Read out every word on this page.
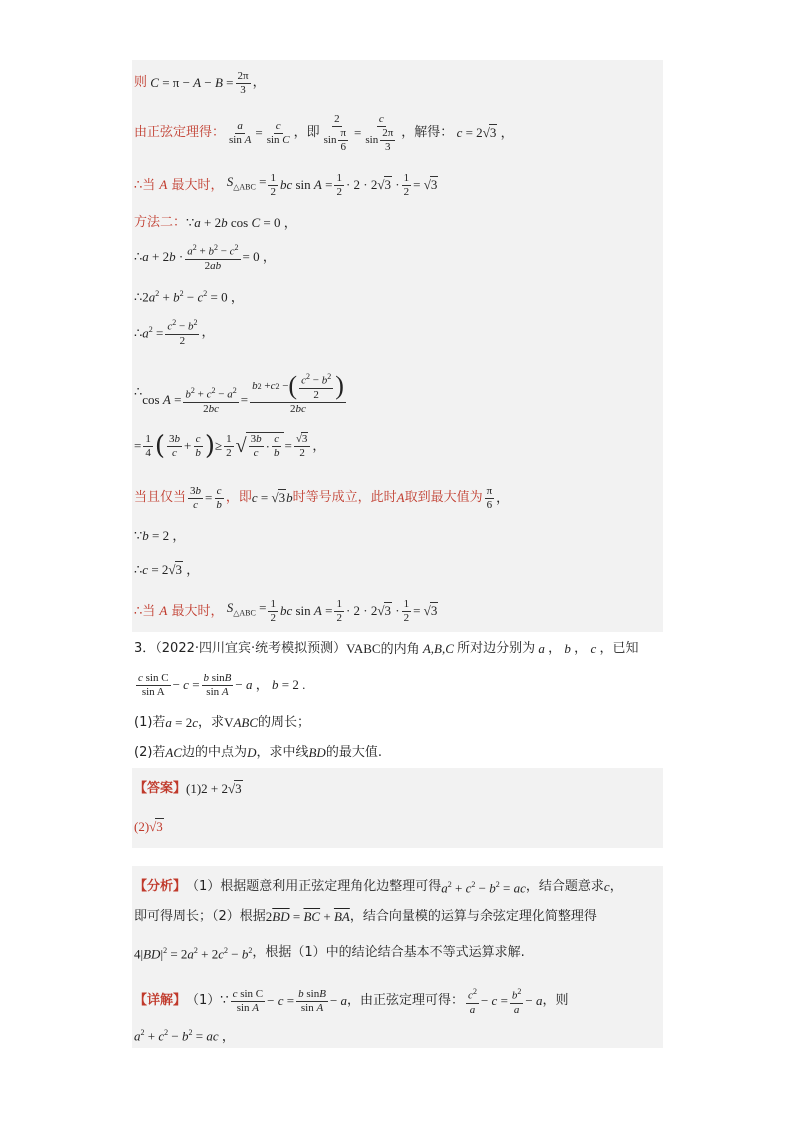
则 $C = \pi - A - B = \frac{2\pi}{3}$ ，
由正弦定理得： $\frac{a}{\text{sin A}} = \frac{c}{\text{sin C}}$ ，即 $\frac{2}{\sin \frac{\pi}{6}} = \frac{c}{\sin \frac{2\pi}{3}}$ ，解得： c = 2√3 ，
∴当 A 最大时， $S_{\triangle ABC} = \frac{1}{2}$ bc $\sin A = \frac{1}{2} \cdot 2 \cdot 2√3 \cdot \frac{1}{2} = √3$
方法二： ∵a + 2b cos C = 0 ，
∴a + $2b \cdot \frac{a^2 + b^2 - c^2}{2ab} = 0$ ，
$\therefore 2a^2 + b^2 - c^2 = 0$ ，
$\therefore a^2 = \frac{c^2 - b^2}{2}$ ，
∴
$\cos A = \frac{b^2 + c^2 - a^2}{2bc} = \frac{b 2 + c 2 - ( \frac{c^2 - b^2}{2} )}{2bc}$
= $\frac{1}{4}$ ( $\frac{3b}{c} + \frac{c}{b}$ ) ≥ $\frac{1}{2}$ √ $\frac{3b}{c} \cdot \frac{c}{b} = \frac{√3}{2}$ ，
当且仅当 $\frac{3b}{c} = \frac{c}{b}$ ，即 c = √3b 时等号成立，此时 A 取到最大值为 $\frac{\pi}{6}$ ，
∵b = 2 ，
∴c = 2√3 ，
∴当 A 最大时， $S_{\triangle ABC} = \frac{1}{2}$ bc $\sin A = \frac{1}{2} \cdot 2 \cdot 2√3 \cdot \frac{1}{2} = √3$
3．（2022·四川宜宾·统考模拟预测） VABC的内角 A,B,C 所对边分别为 a ， b ， c ，已知
$\frac{\text{c sin C}}{\text{sin A}} - c = \frac{\text{b sinB}}{\text{sin A}} - a$ ， b = 2 .
(1)若 a = 2c ，求 VABC 的周长；
(2)若 AC 边的中点为 D ，求中线 BD 的最大值.
【答案】 (1)2 + 2√3
(2)√3
【分析】 （1）根据题意利用正弦定理角化边整理可得 $a^2 + c^2 - b^2$ = ac ，结合题意求 c ，
即可得周长；（2）根据 $2\overline{BD} = \overline{BC} + \overline{BA}$ ，结合向量模的运算与余弦定理化简整理得
$4|BD|^2 = 2a^2 + 2c^2 - b^2$ ，根据（1）中的结论结合基本不等式运算求解.
【详解】 （1）∵ $\frac{\text{c sin C}}{\text{sin A}} - c = \frac{\text{b sinB}}{\text{sin A}} - a$ ，由正弦定理可得： $\frac{c^2}{a} - c = \frac{b^2}{a} - a$ ，则
$a^2 + c^2 - b^2$ = ac ，
